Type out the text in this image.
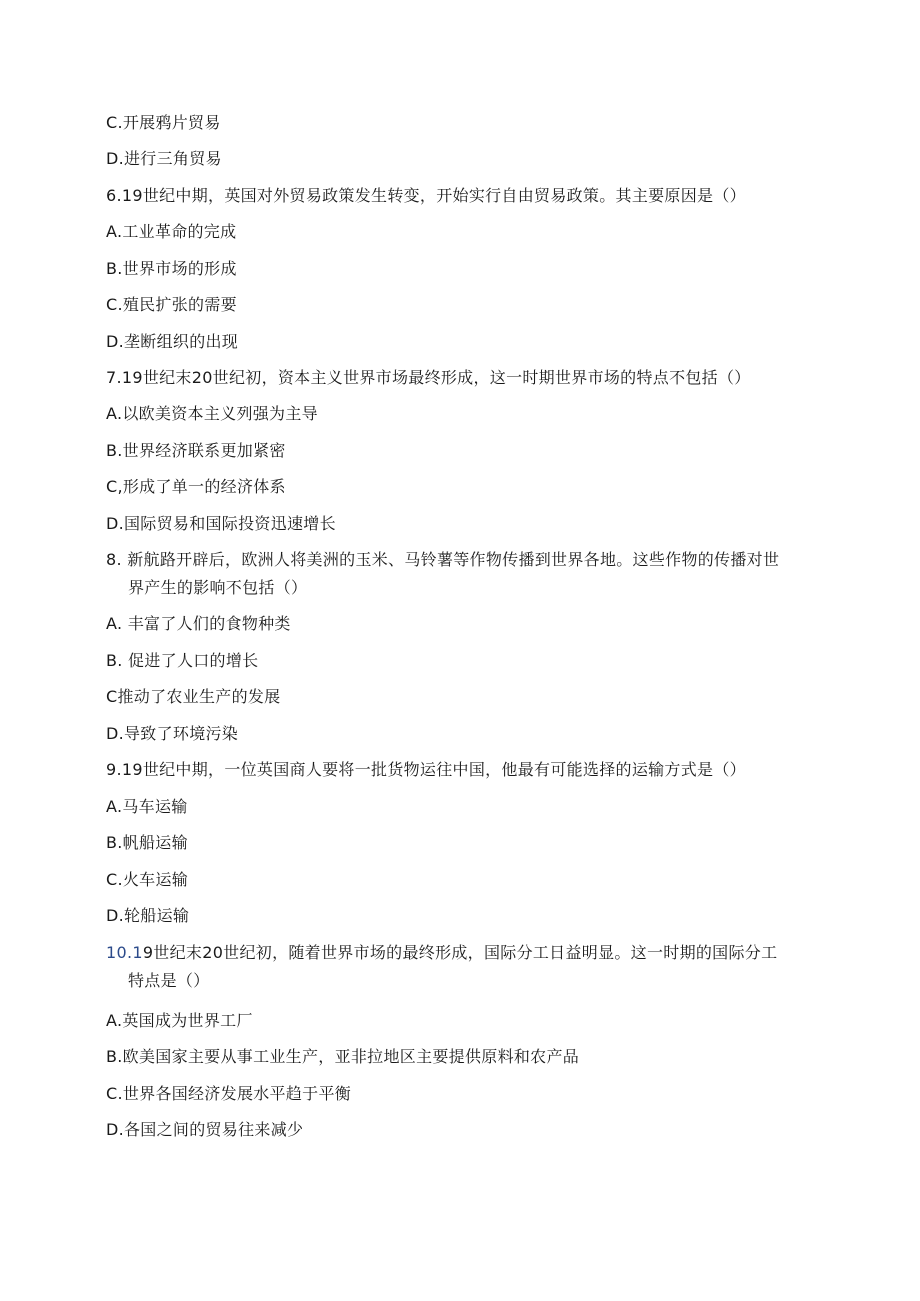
C.开展鸦片贸易
D.进行三角贸易
6.19世纪中期，英国对外贸易政策发生转变，开始实行自由贸易政策。其主要原因是（）
A.工业革命的完成
B.世界市场的形成
C.殖民扩张的需要
D.垄断组织的出现
7.19世纪末20世纪初，资本主义世界市场最终形成，这一时期世界市场的特点不包括（）
A.以欧美资本主义列强为主导
B.世界经济联系更加紧密
C,形成了单一的经济体系
D.国际贸易和国际投资迅速增长
8. 新航路开辟后，欧洲人将美洲的玉米、马铃薯等作物传播到世界各地。这些作物的传播对世
界产生的影响不包括（）
A. 丰富了人们的食物种类
B. 促进了人口的增长
C推动了农业生产的发展
D.导致了环境污染
9.19世纪中期，一位英国商人要将一批货物运往中国，他最有可能选择的运输方式是（）
A.马车运输
B.帆船运输
C.火车运输
D.轮船运输
10.19世纪末20世纪初，随着世界市场的最终形成，国际分工日益明显。这一时期的国际分工
特点是（）
A.英国成为世界工厂
B.欧美国家主要从事工业生产，亚非拉地区主要提供原料和农产品
C.世界各国经济发展水平趋于平衡
D.各国之间的贸易往来减少
